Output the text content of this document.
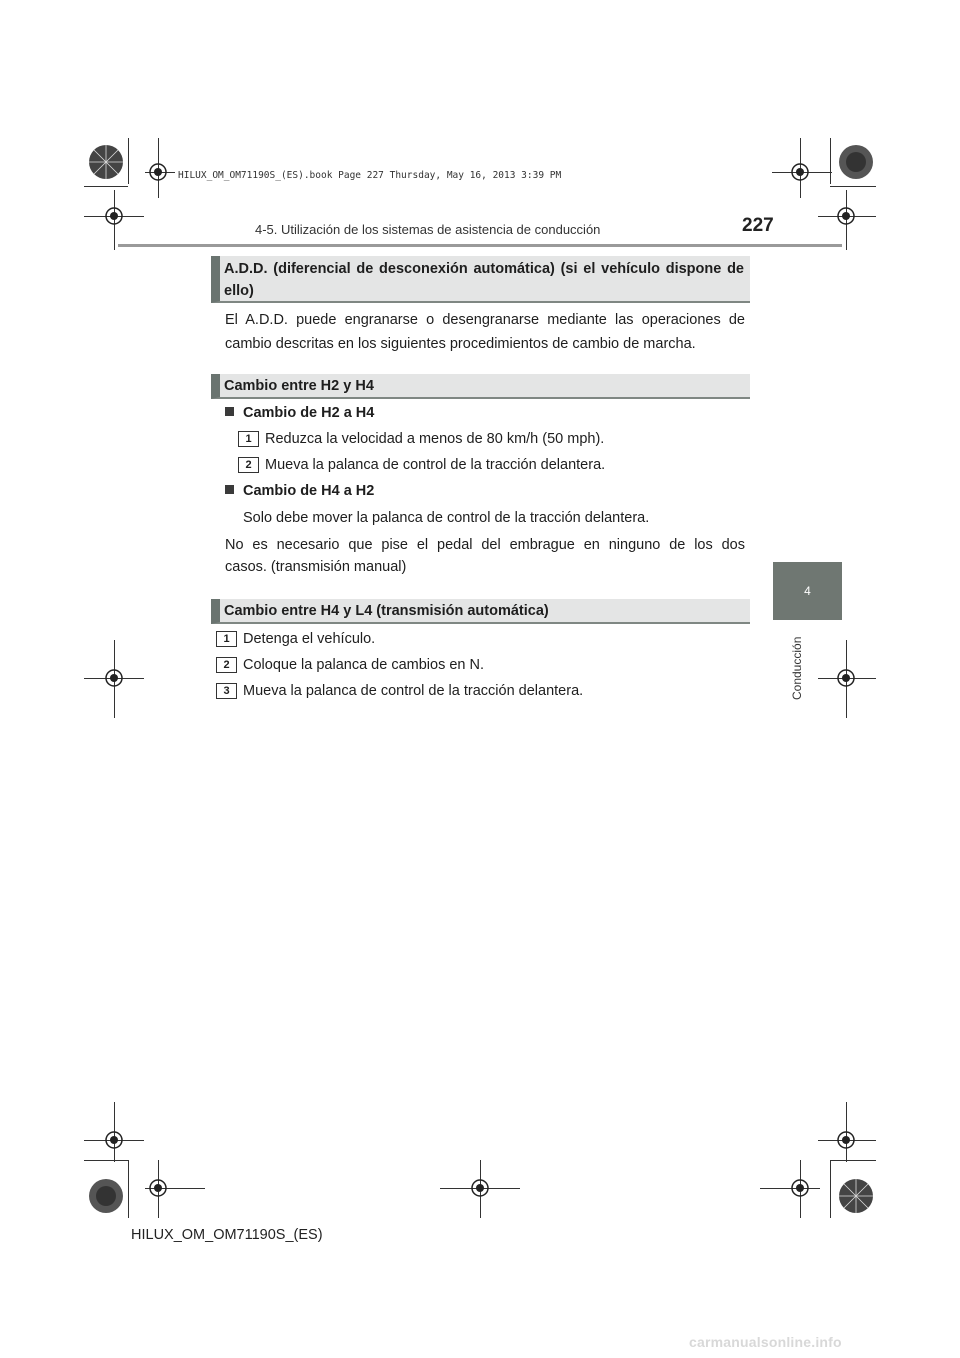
HILUX_OM_OM71190S_(ES).book Page 227 Thursday, May 16, 2013 3:39 PM
4-5. Utilización de los sistemas de asistencia de conducción	227
4
Conducción
A.D.D. (diferencial de desconexión automática) (si el vehículo dispone de ello)
El A.D.D. puede engranarse o desengranarse mediante las operaciones de cambio descritas en los siguientes procedimientos de cambio de marcha.
Cambio entre H2 y H4
Cambio de H2 a H4
1 Reduzca la velocidad a menos de 80 km/h (50 mph).
2 Mueva la palanca de control de la tracción delantera.
Cambio de H4 a H2
Solo debe mover la palanca de control de la tracción delantera.
No es necesario que pise el pedal del embrague en ninguno de los dos
casos. (transmisión manual)
Cambio entre H4 y L4 (transmisión automática)
1 Detenga el vehículo.
2 Coloque la palanca de cambios en N.
3 Mueva la palanca de control de la tracción delantera.
HILUX_OM_OM71190S_(ES)
carmanualsonline.info
